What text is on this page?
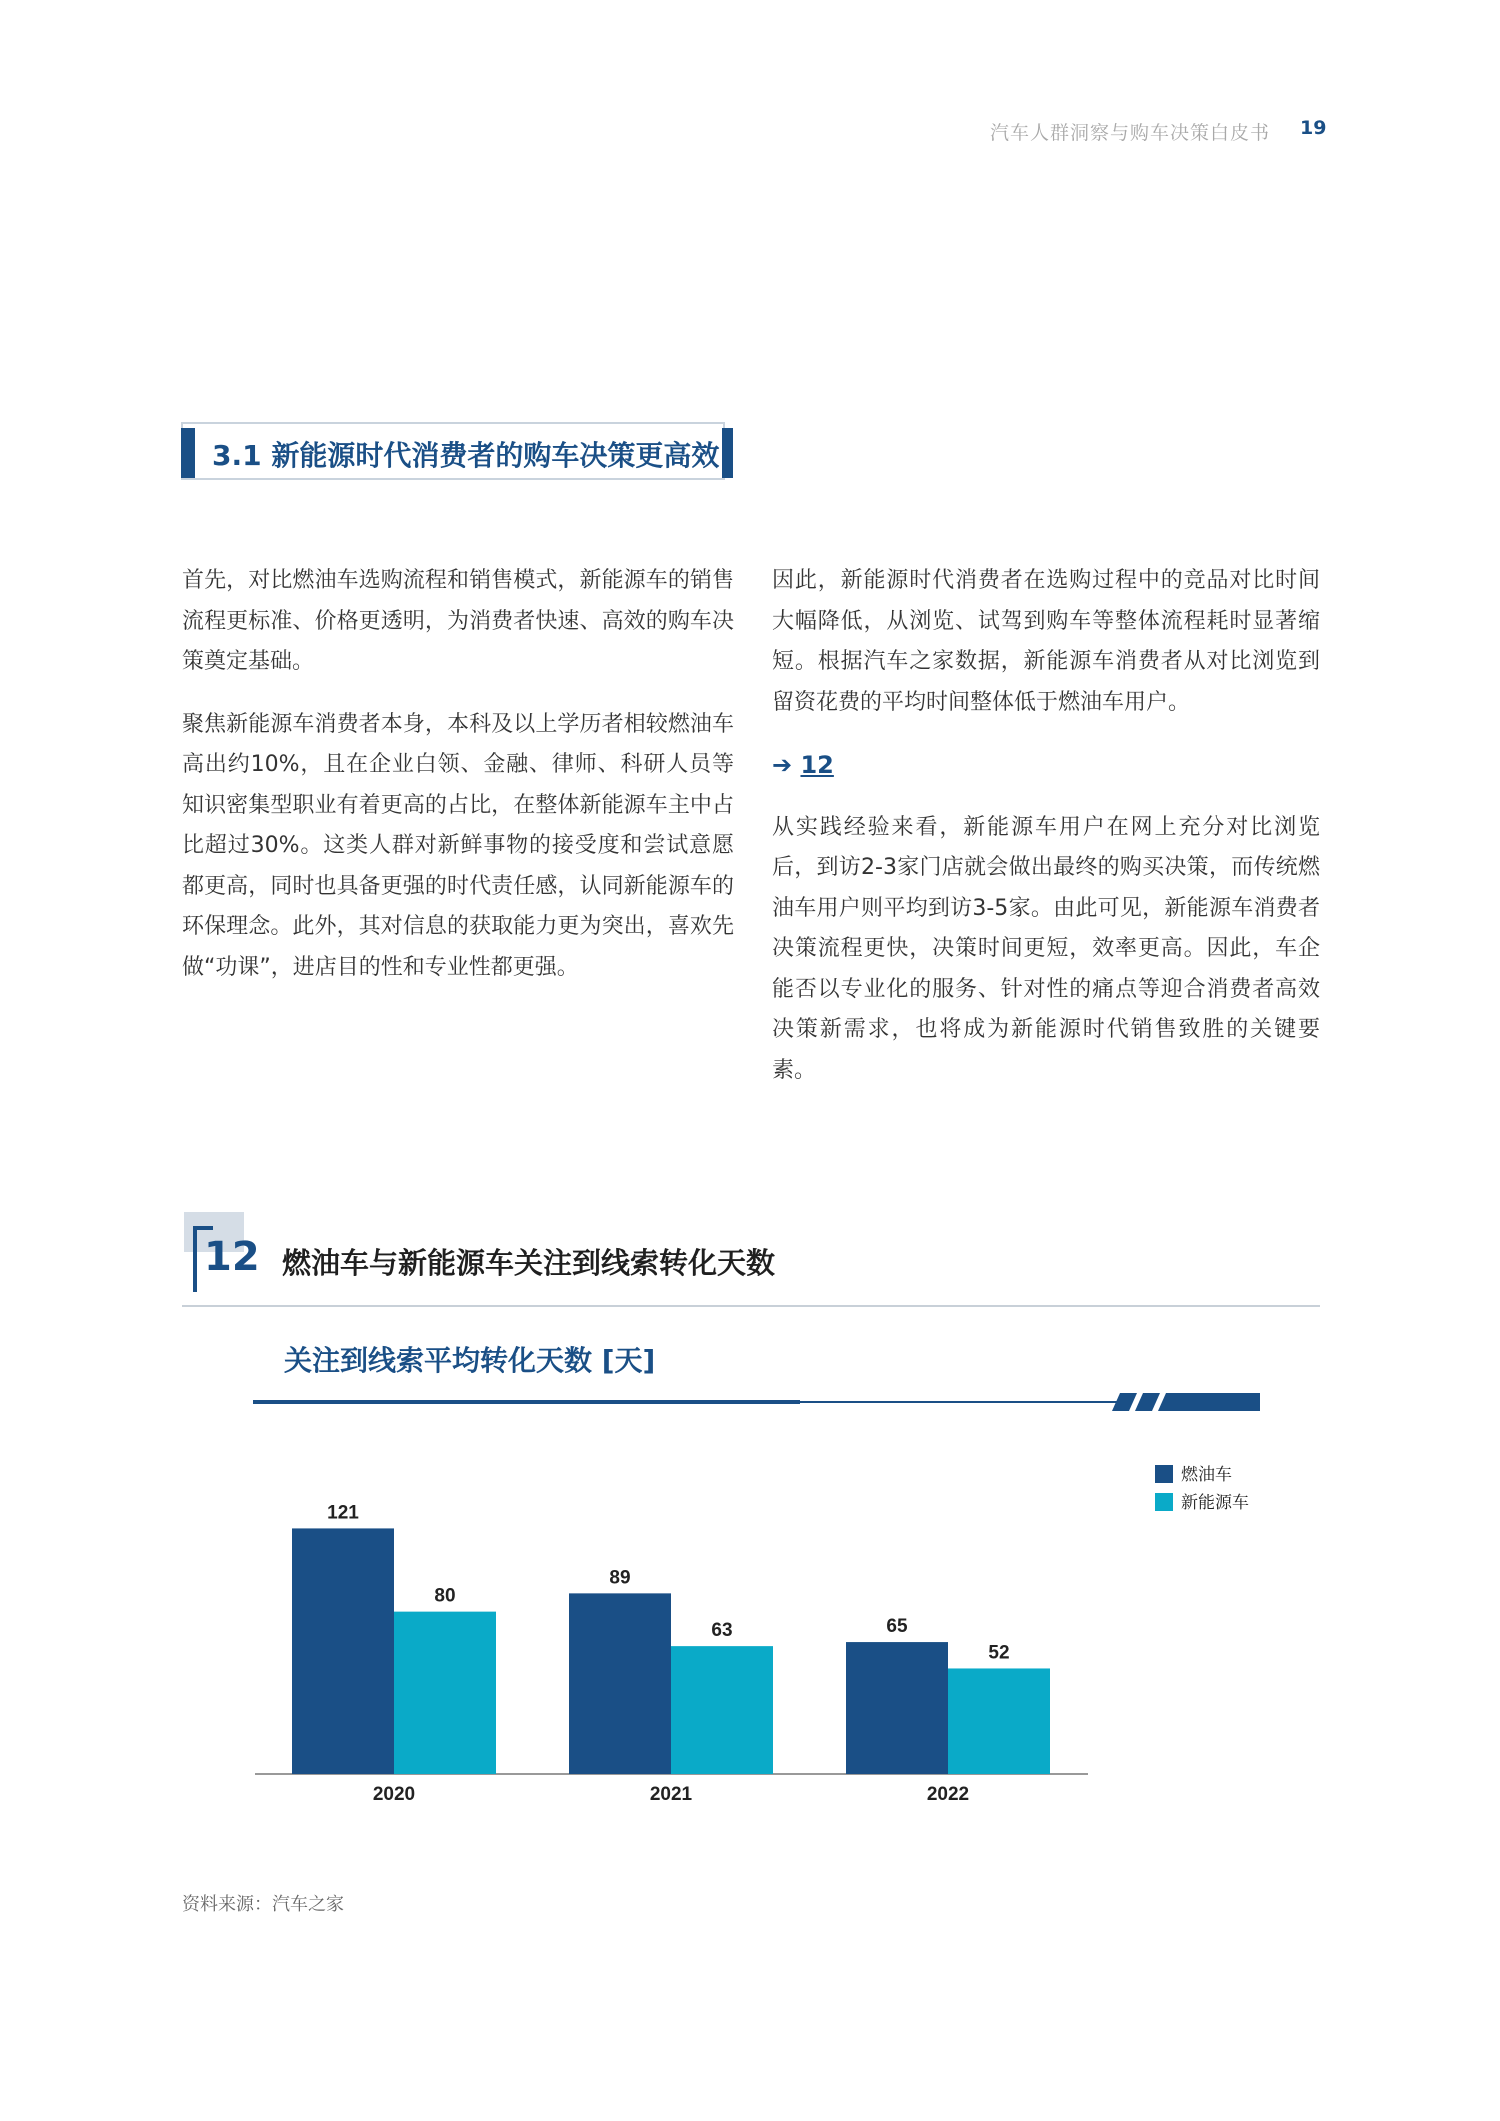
汽车人群洞察与购车决策白皮书 19
3.1 新能源时代消费者的购车决策更高效

首先，对比燃油车选购流程和销售模式，新能源车的销售流程更标准、价格更透明，为消费者快速、高效的购车决策奠定基础。

聚焦新能源车消费者本身，本科及以上学历者相较燃油车高出约10%，且在企业白领、金融、律师、科研人员等知识密集型职业有着更高的占比，在整体新能源车主中占比超过30%。这类人群对新鲜事物的接受度和尝试意愿都更高，同时也具备更强的时代责任感，认同新能源车的环保理念。此外，其对信息的获取能力更为突出，喜欢先做“功课”，进店目的性和专业性都更强。

因此，新能源时代消费者在选购过程中的竞品对比时间大幅降低，从浏览、试驾到购车等整体流程耗时显著缩短。根据汽车之家数据，新能源车消费者从对比浏览到留资花费的平均时间整体低于燃油车用户。

➔ 12

从实践经验来看，新能源车用户在网上充分对比浏览后，到访2-3家门店就会做出最终的购买决策，而传统燃油车用户则平均到访3-5家。由此可见，新能源车消费者决策流程更快，决策时间更短，效率更高。因此，车企能否以专业化的服务、针对性的痛点等迎合消费者高效决策新需求，也将成为新能源时代销售致胜的关键要素。

12 燃油车与新能源车关注到线索转化天数
关注到线索平均转化天数 [天]
121
80
2020
89
63
2021
65
52
2022
燃油车
新能源车
资料来源：汽车之家
